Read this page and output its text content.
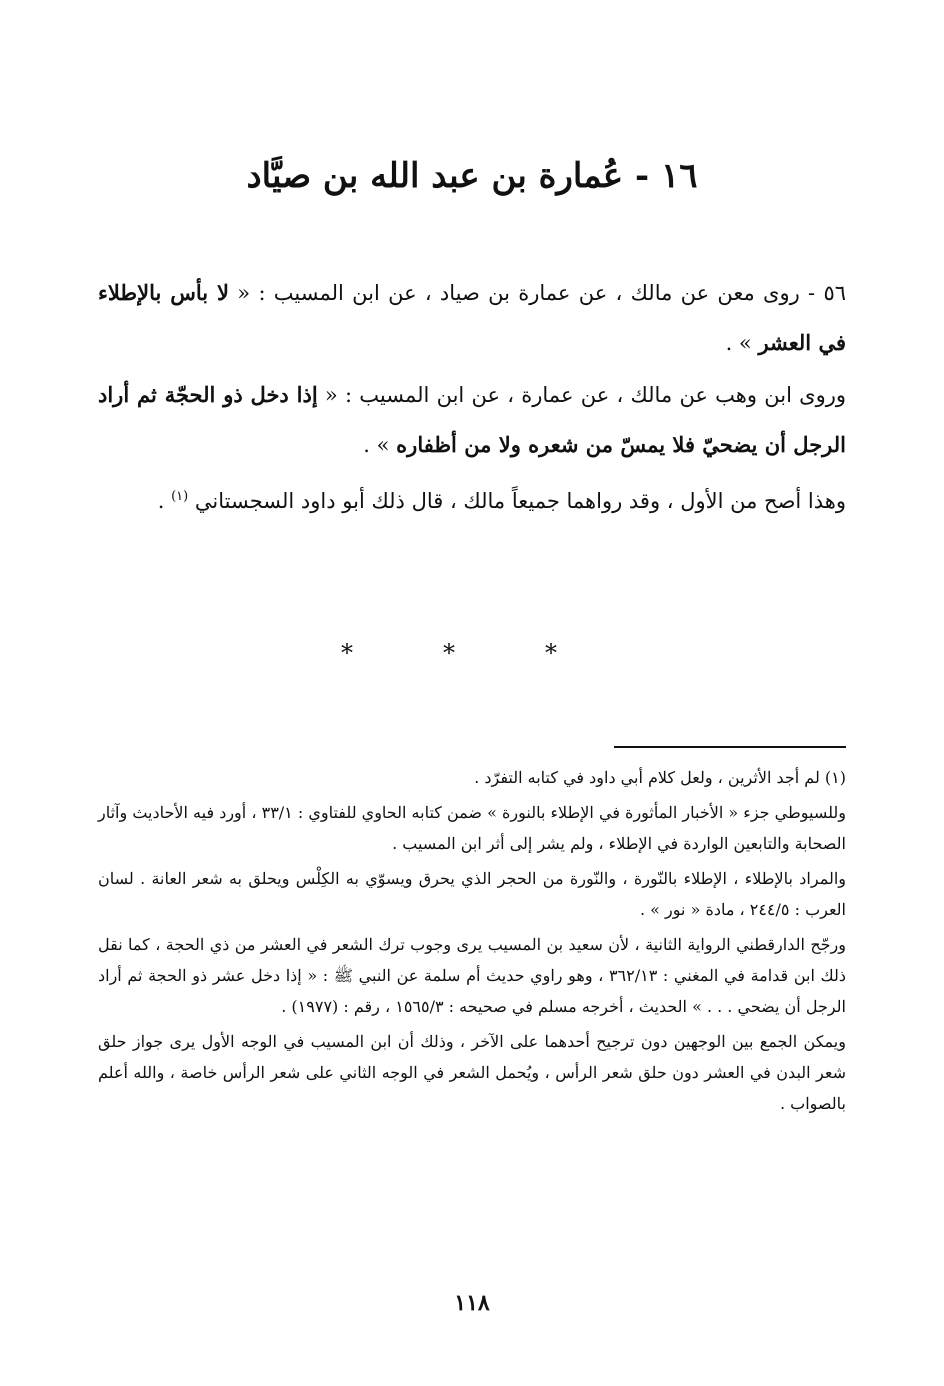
١٦ - عُمارة بن عبد الله بن صيَّاد
٥٦ - روى معن عن مالك ، عن عمارة بن صياد ، عن ابن المسيب : « لا بأس بالإطلاء في العشر » .
وروى ابن وهب عن مالك ، عن عمارة ، عن ابن المسيب : « إذا دخل ذو الحجّة ثم أراد الرجل أن يضحيّ فلا يمسّ من شعره ولا من أظفاره » .
وهذا أصح من الأول ، وقد رواهما جميعاً مالك ، قال ذلك أبو داود السجستاني $^{(١)}$ .
***

(١) لم أجد الأثرين ، ولعل كلام أبي داود في كتابه التفرّد .

وللسيوطي جزء « الأخبار المأثورة في الإطلاء بالنورة » ضمن كتابه الحاوي للفتاوي : ٣٣/١ ، أورد فيه الأحاديث وآثار الصحابة والتابعين الواردة في الإطلاء ، ولم يشر إلى أثر ابن المسيب .

والمراد بالإطلاء ، الإطلاء بالنّورة ، والنّورة من الحجر الذي يحرق ويسوّي به الكِلْس ويحلق به شعر العانة . لسان العرب : ٢٤٤/٥ ، مادة « نور » .

ورجّح الدارقطني الرواية الثانية ، لأن سعيد بن المسيب يرى وجوب ترك الشعر في العشر من ذي الحجة ، كما نقل ذلك ابن قدامة في المغني : ٣٦٢/١٣ ، وهو راوي حديث أم سلمة عن النبي ﷺ : « إذا دخل عشر ذو الحجة ثم أراد الرجل أن يضحي . . . » الحديث ، أخرجه مسلم في صحيحه : ١٥٦٥/٣ ، رقم : (١٩٧٧) .

ويمكن الجمع بين الوجهين دون ترجيح أحدهما على الآخر ، وذلك أن ابن المسيب في الوجه الأول يرى جواز حلق شعر البدن في العشر دون حلق شعر الرأس ، ويُحمل الشعر في الوجه الثاني على شعر الرأس خاصة ، والله أعلم بالصواب .

١١٨
